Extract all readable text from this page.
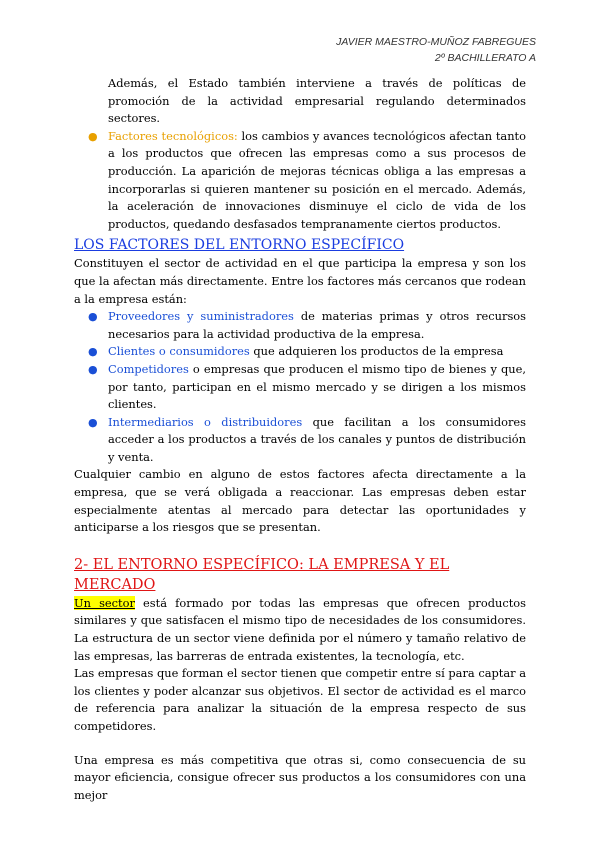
JAVIER MAESTRO-MUÑOZ FABREGUES
2º BACHILLERATO A

Además, el Estado también interviene a través de políticas de promoción de la actividad empresarial regulando determinados sectores.

● Factores tecnológicos: los cambios y avances tecnológicos afectan tanto a los productos que ofrecen las empresas como a sus procesos de producción. La aparición de mejoras técnicas obliga a las empresas a incorporarlas si quieren mantener su posición en el mercado. Además, la aceleración de innovaciones disminuye el ciclo de vida de los productos, quedando desfasados tempranamente ciertos productos.
LOS FACTORES DEL ENTORNO ESPECÍFICO

Constituyen el sector de actividad en el que participa la empresa y son los que la afectan más directamente. Entre los factores más cercanos que rodean a la empresa están:

● Proveedores y suministradores de materias primas y otros recursos necesarios para la actividad productiva de la empresa.
● Clientes o consumidores que adquieren los productos de la empresa
● Competidores o empresas que producen el mismo tipo de bienes y que, por tanto, participan en el mismo mercado y se dirigen a los mismos clientes.
● Intermediarios o distribuidores que facilitan a los consumidores acceder a los productos a través de los canales y puntos de distribución y venta.

Cualquier cambio en alguno de estos factores afecta directamente a la empresa, que se verá obligada a reaccionar. Las empresas deben estar especialmente atentas al mercado para detectar las oportunidades y anticiparse a los riesgos que se presentan.

2- EL ENTORNO ESPECÍFICO: LA EMPRESA Y EL MERCADO

Un sector está formado por todas las empresas que ofrecen productos similares y que satisfacen el mismo tipo de necesidades de los consumidores. La estructura de un sector viene definida por el número y tamaño relativo de las empresas, las barreras de entrada existentes, la tecnología, etc.

Las empresas que forman el sector tienen que competir entre sí para captar a los clientes y poder alcanzar sus objetivos. El sector de actividad es el marco de referencia para analizar la situación de la empresa respecto de sus competidores.

Una empresa es más competitiva que otras si, como consecuencia de su mayor eficiencia, consigue ofrecer sus productos a los consumidores con una mejor
